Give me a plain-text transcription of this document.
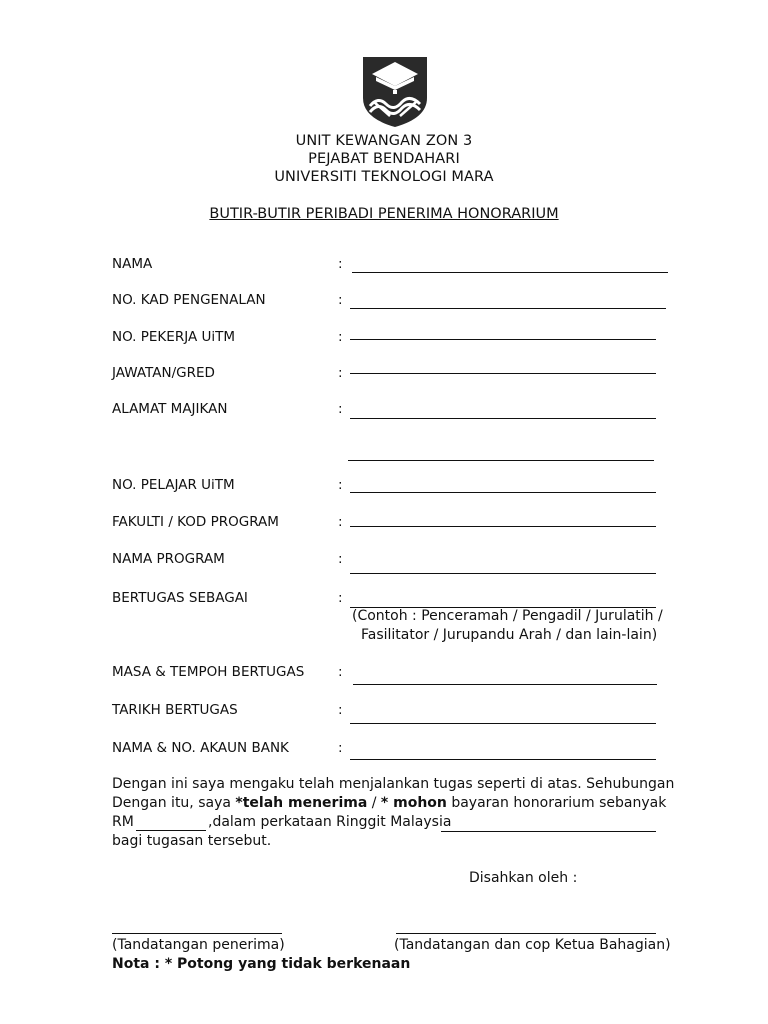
UNIT KEWANGAN ZON 3
PEJABAT BENDAHARI
UNIVERSITI TEKNOLOGI MARA
BUTIR-BUTIR PERIBADI PENERIMA HONORARIUM
NAMA	:
NO. KAD PENGENALAN	:
NO. PEKERJA UiTM	:
JAWATAN/GRED	:
ALAMAT MAJIKAN	:
NO. PELAJAR UiTM	:
FAKULTI / KOD PROGRAM	:
NAMA PROGRAM	:
BERTUGAS SEBAGAI	:
(Contoh : Penceramah / Pengadil / Jurulatih /
Fasilitator / Jurupandu Arah / dan lain-lain)
MASA & TEMPOH BERTUGAS :
TARIKH BERTUGAS	:
NAMA & NO. AKAUN BANK	:
Dengan ini saya mengaku telah menjalankan tugas seperti di atas. Sehubungan
Dengan itu, saya *telah menerima / * mohon bayaran honorarium sebanyak
RM	,dalam perkataan Ringgit Malaysia
bagi tugasan tersebut.
Disahkan oleh :
(Tandatangan penerima)	(Tandatangan dan cop Ketua Bahagian)
Nota : * Potong yang tidak berkenaan
